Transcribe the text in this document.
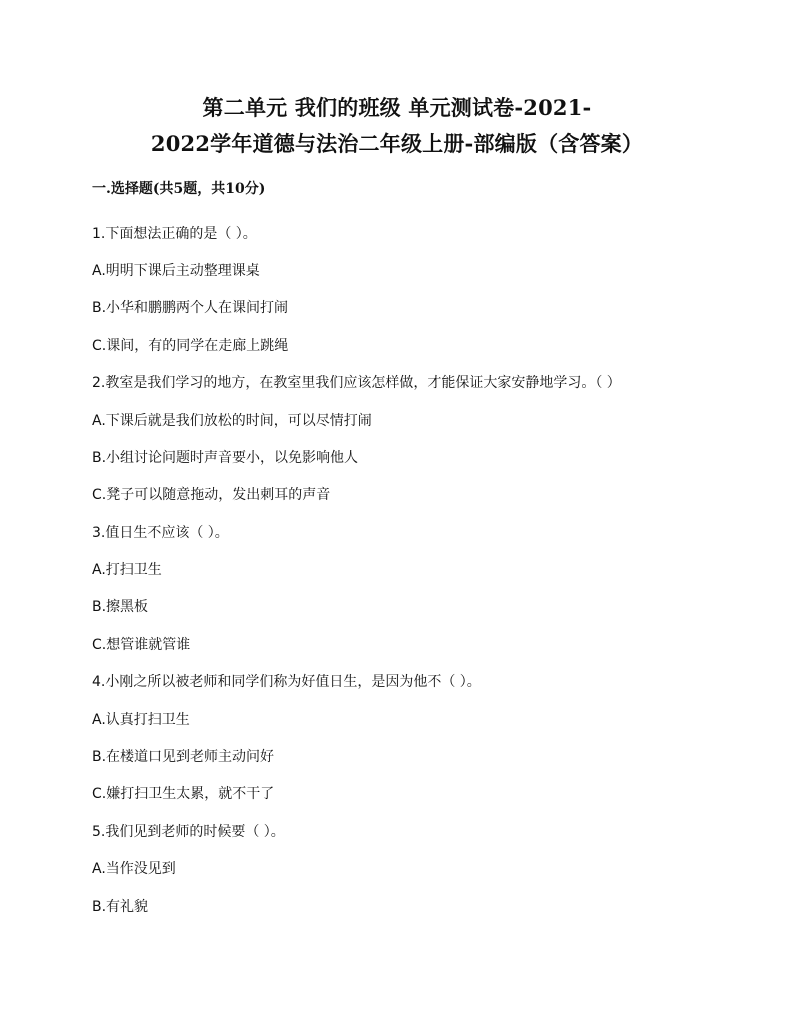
第二单元 我们的班级 单元测试卷-2021-
2022学年道德与法治二年级上册-部编版（含答案）
一.选择题(共5题，共10分)
1.下面想法正确的是（ ）。
A.明明下课后主动整理课桌
B.小华和鹏鹏两个人在课间打闹
C.课间，有的同学在走廊上跳绳
2.教室是我们学习的地方，在教室里我们应该怎样做，才能保证大家安静地学习。（ ）
A.下课后就是我们放松的时间，可以尽情打闹
B.小组讨论问题时声音要小，以免影响他人
C.凳子可以随意拖动，发出刺耳的声音
3.值日生不应该（ ）。
A.打扫卫生
B.擦黑板
C.想管谁就管谁
4.小刚之所以被老师和同学们称为好值日生，是因为他不（ ）。
A.认真打扫卫生
B.在楼道口见到老师主动问好
C.嫌打扫卫生太累，就不干了
5.我们见到老师的时候要（ ）。
A.当作没见到
B.有礼貌
